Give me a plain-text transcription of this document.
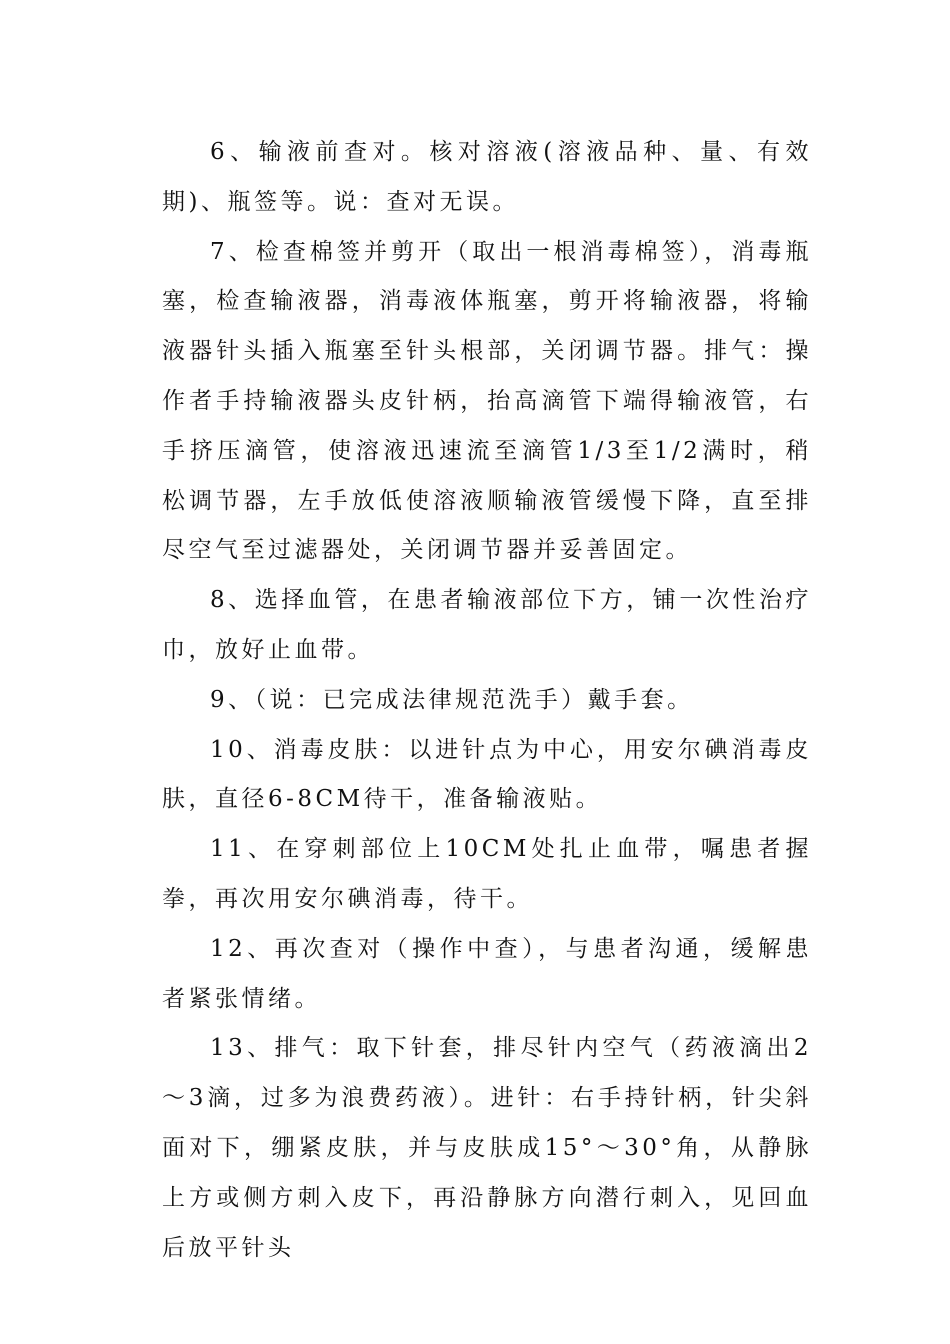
6、输液前查对。核对溶液(溶液品种、量、有效期)、瓶签等。说：查对无误。

7、检查棉签并剪开（取出一根消毒棉签），消毒瓶塞，检查输液器，消毒液体瓶塞，剪开将输液器，将输液器针头插入瓶塞至针头根部，关闭调节器。排气：操作者手持输液器头皮针柄，抬高滴管下端得输液管，右手挤压滴管，使溶液迅速流至滴管1/3至1/2满时，稍松调节器，左手放低使溶液顺输液管缓慢下降，直至排尽空气至过滤器处，关闭调节器并妥善固定。

8、选择血管，在患者输液部位下方，铺一次性治疗巾，放好止血带。

9、（说：已完成法律规范洗手）戴手套。

10、消毒皮肤：以进针点为中心，用安尔碘消毒皮肤，直径6-8CM待干，准备输液贴。

11、在穿刺部位上10CM处扎止血带，嘱患者握拳，再次用安尔碘消毒，待干。

12、再次查对（操作中查），与患者沟通，缓解患者紧张情绪。

13、排气：取下针套，排尽针内空气（药液滴出2～3滴，过多为浪费药液）。进针：右手持针柄，针尖斜面对下，绷紧皮肤，并与皮肤成15°～30°角，从静脉上方或侧方刺入皮下，再沿静脉方向潜行刺入，见回血后放平针头
